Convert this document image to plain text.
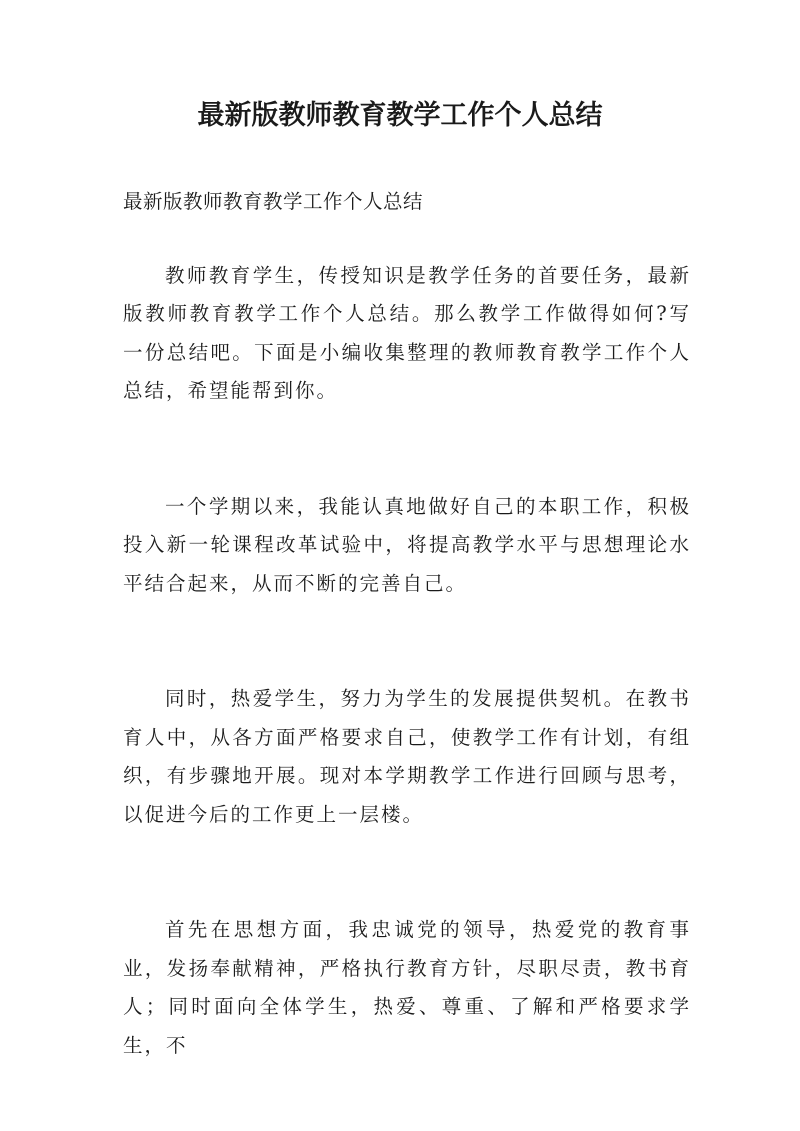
最新版教师教育教学工作个人总结

最新版教师教育教学工作个人总结

教师教育学生，传授知识是教学任务的首要任务，最新版教师教育教学工作个人总结。那么教学工作做得如何?写一份总结吧。下面是小编收集整理的教师教育教学工作个人总结，希望能帮到你。

一个学期以来，我能认真地做好自己的本职工作，积极投入新一轮课程改革试验中，将提高教学水平与思想理论水平结合起来，从而不断的完善自己。

同时，热爱学生，努力为学生的发展提供契机。在教书育人中，从各方面严格要求自己，使教学工作有计划，有组织，有步骤地开展。现对本学期教学工作进行回顾与思考，以促进今后的工作更上一层楼。

首先在思想方面，我忠诚党的领导，热爱党的教育事业，发扬奉献精神，严格执行教育方针，尽职尽责，教书育人；同时面向全体学生，热爱、尊重、了解和严格要求学生，不
